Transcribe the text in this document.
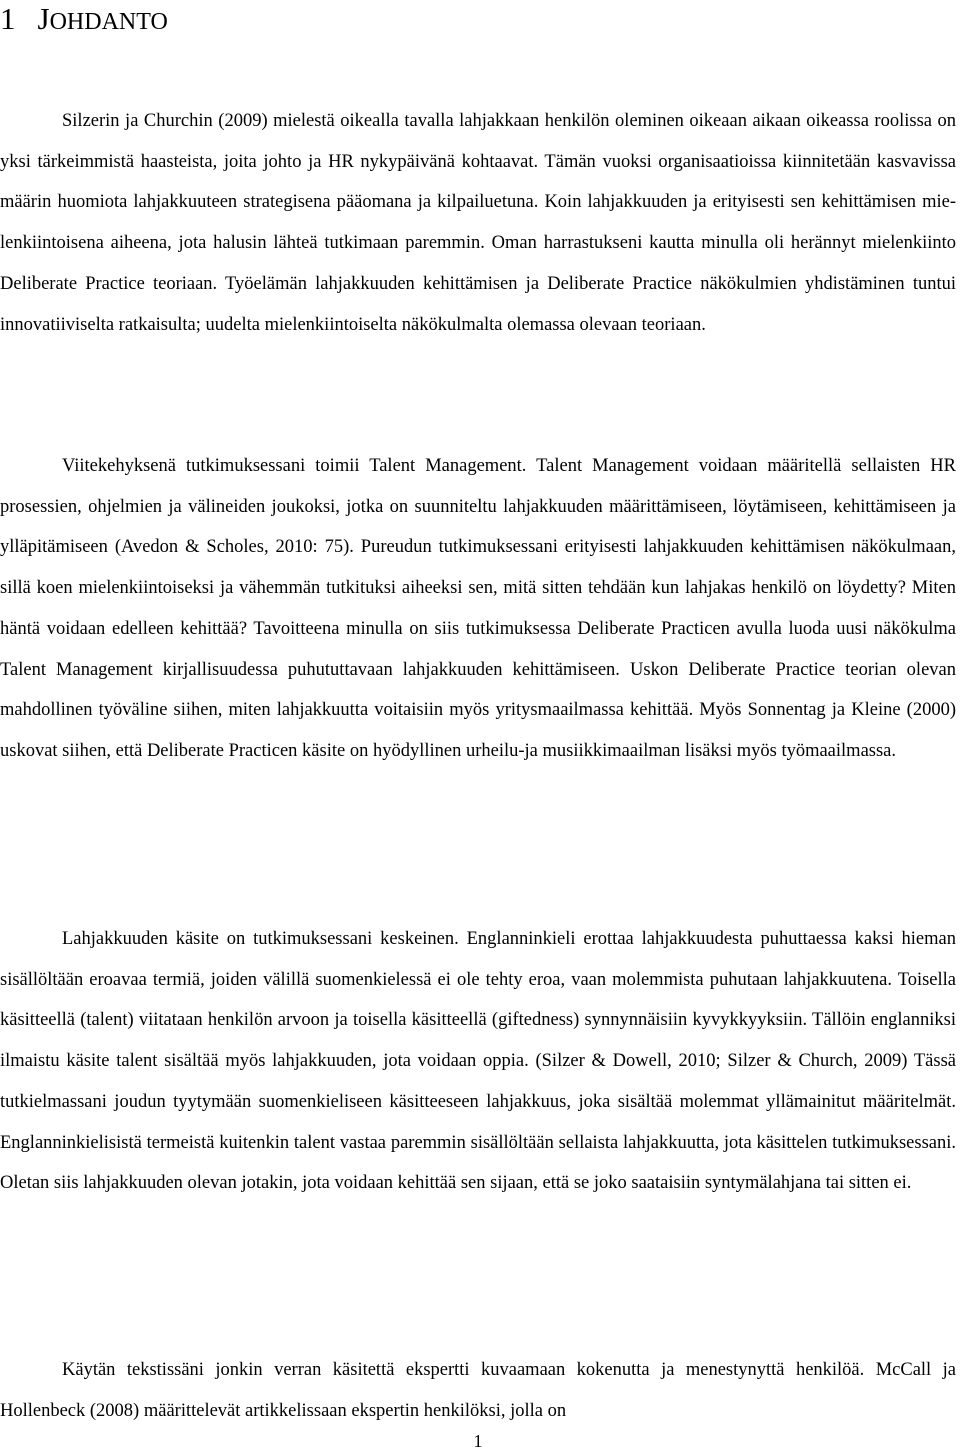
1 JOHDANTO

Silzerin ja Churchin (2009) mielestä oikealla tavalla lahjakkaan henkilön oleminen oikeaan aikaan oikeassa roolissa on yksi tärkeimmistä haasteista, joita johto ja HR nykypäivänä kohtaavat. Tämän vuoksi organisaatioissa kiinnitetään kasvavissa määrin huomiota lahjakkuuteen strategisena pääomana ja kilpailuetuna. Koin lahjakkuuden ja erityisesti sen kehittämisen mielenkiintoisena aiheena, jota halusin lähteä tutkimaan paremmin. Oman harrastukseni kautta minulla oli herännyt mielenkiinto Deliberate Practice teoriaan. Työelämän lahjakkuuden kehittämisen ja Deliberate Practice näkökulmien yhdistäminen tuntui innovatiiviselta ratkaisulta; uudelta mielenkiintoiselta näkökulmalta olemassa olevaan teoriaan.

Viitekehyksenä tutkimuksessani toimii Talent Management. Talent Management voidaan määritellä sellaisten HR prosessien, ohjelmien ja välineiden joukoksi, jotka on suunniteltu lahjakkuuden määrittämiseen, löytämiseen, kehittämiseen ja ylläpitämiseen (Avedon & Scholes, 2010: 75). Pureudun tutkimuksessani erityisesti lahjakkuuden kehittämisen näkökulmaan, sillä koen mielenkiintoiseksi ja vähemmän tutkituksi aiheeksi sen, mitä sitten tehdään kun lahjakas henkilö on löydetty? Miten häntä voidaan edelleen kehittää? Tavoitteena minulla on siis tutkimuksessa Deliberate Practicen avulla luoda uusi näkökulma Talent Management kirjallisuudessa puhututtavaan lahjakkuuden kehittämiseen. Uskon Deliberate Practice teorian olevan mahdollinen työväline siihen, miten lahjakkuutta voitaisiin myös yritysmaailmassa kehittää. Myös Sonnentag ja Kleine (2000) uskovat siihen, että Deliberate Practicen käsite on hyödyllinen urheilu-ja musiikkimaailman lisäksi myös työmaailmassa.

Lahjakkuuden käsite on tutkimuksessani keskeinen. Englanninkieli erottaa lahjakkuudesta puhuttaessa kaksi hieman sisällöltään eroavaa termiä, joiden välillä suomenkielessä ei ole tehty eroa, vaan molemmista puhutaan lahjakkuutena. Toisella käsitteellä (talent) viitataan henkilön arvoon ja toisella käsitteellä (giftedness) synnynnäisiin kyvykkyyksiin. Tällöin englanniksi ilmaistu käsite talent sisältää myös lahjakkuuden, jota voidaan oppia. (Silzer & Dowell, 2010; Silzer & Church, 2009) Tässä tutkielmassani joudun tyytymään suomenkieliseen käsitteeseen lahjakkuus, joka sisältää molemmat yllämainitut määritelmät. Englanninkielisistä termeistä kuitenkin talent vastaa paremmin sisällöltään sellaista lahjakkuutta, jota käsittelen tutkimuksessani. Oletan siis lahjakkuuden olevan jotakin, jota voidaan kehittää sen sijaan, että se joko saataisiin syntymälahjana tai sitten ei.

Käytän tekstissäni jonkin verran käsitettä ekspertti kuvaamaan kokenutta ja menestynyttä henkilöä. McCall ja Hollenbeck (2008) määrittelevät artikkelissaan ekspertin henkilöksi, jolla on

1
